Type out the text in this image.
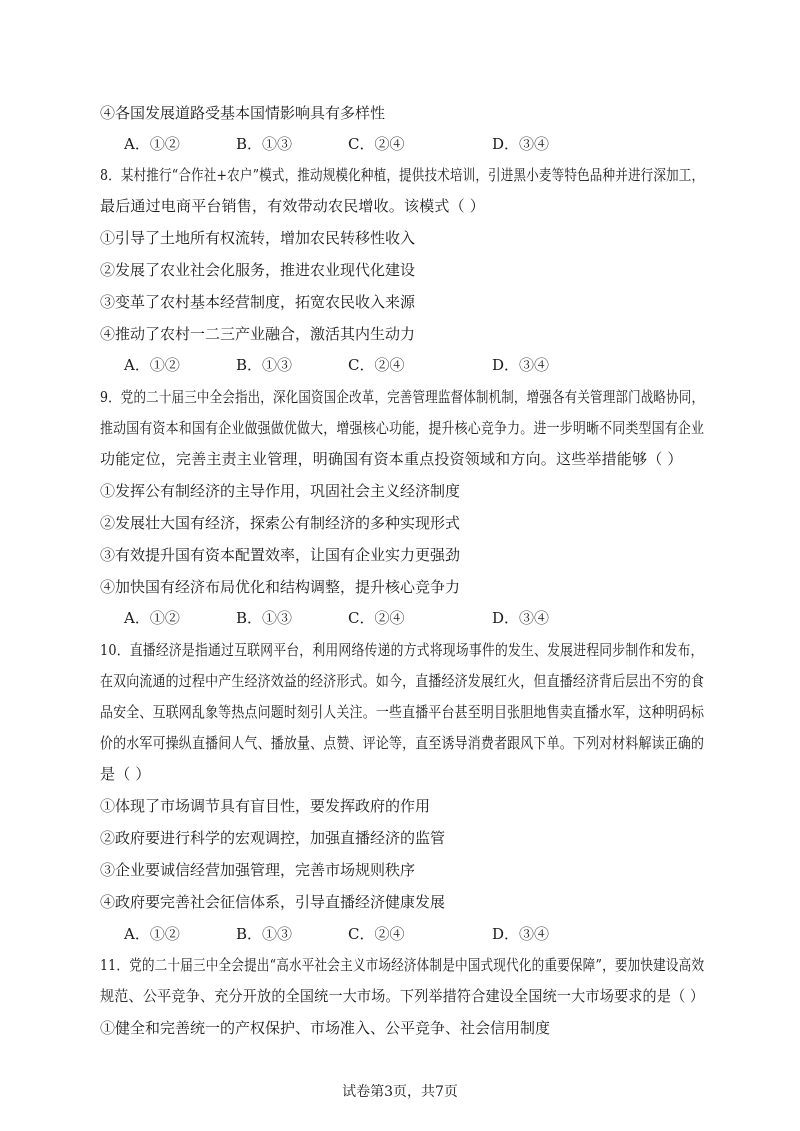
④各国发展道路受基本国情影响具有多样性
A．①②	B．①③	C．②④	D．③④
8．某村推行“合作社+农户”模式，推动规模化种植，提供技术培训，引进黑小麦等特色品种并进行深加工，
最后通过电商平台销售，有效带动农民增收。该模式（ ）
①引导了土地所有权流转，增加农民转移性收入
②发展了农业社会化服务，推进农业现代化建设
③变革了农村基本经营制度，拓宽农民收入来源
④推动了农村一二三产业融合，激活其内生动力
A．①②	B．①③	C．②④	D．③④
9．党的二十届三中全会指出，深化国资国企改革，完善管理监督体制机制，增强各有关管理部门战略协同，
推动国有资本和国有企业做强做优做大，增强核心功能，提升核心竞争力。进一步明晰不同类型国有企业
功能定位，完善主责主业管理，明确国有资本重点投资领域和方向。这些举措能够（ ）
①发挥公有制经济的主导作用，巩固社会主义经济制度
②发展壮大国有经济，探索公有制经济的多种实现形式
③有效提升国有资本配置效率，让国有企业实力更强劲
④加快国有经济布局优化和结构调整，提升核心竞争力
A．①②	B．①③	C．②④	D．③④
10．直播经济是指通过互联网平台，利用网络传递的方式将现场事件的发生、发展进程同步制作和发布，
在双向流通的过程中产生经济效益的经济形式。如今，直播经济发展红火，但直播经济背后层出不穷的食
品安全、互联网乱象等热点问题时刻引人关注。一些直播平台甚至明目张胆地售卖直播水军，这种明码标
价的水军可操纵直播间人气、播放量、点赞、评论等，直至诱导消费者跟风下单。下列对材料解读正确的
是（ ）
①体现了市场调节具有盲目性，要发挥政府的作用
②政府要进行科学的宏观调控，加强直播经济的监管
③企业要诚信经营加强管理，完善市场规则秩序
④政府要完善社会征信体系，引导直播经济健康发展
A．①②	B．①③	C．②④	D．③④
11．党的二十届三中全会提出“高水平社会主义市场经济体制是中国式现代化的重要保障”，要加快建设高效
规范、公平竞争、充分开放的全国统一大市场。下列举措符合建设全国统一大市场要求的是（ ）
①健全和完善统一的产权保护、市场准入、公平竞争、社会信用制度
试卷第3页，共7页
